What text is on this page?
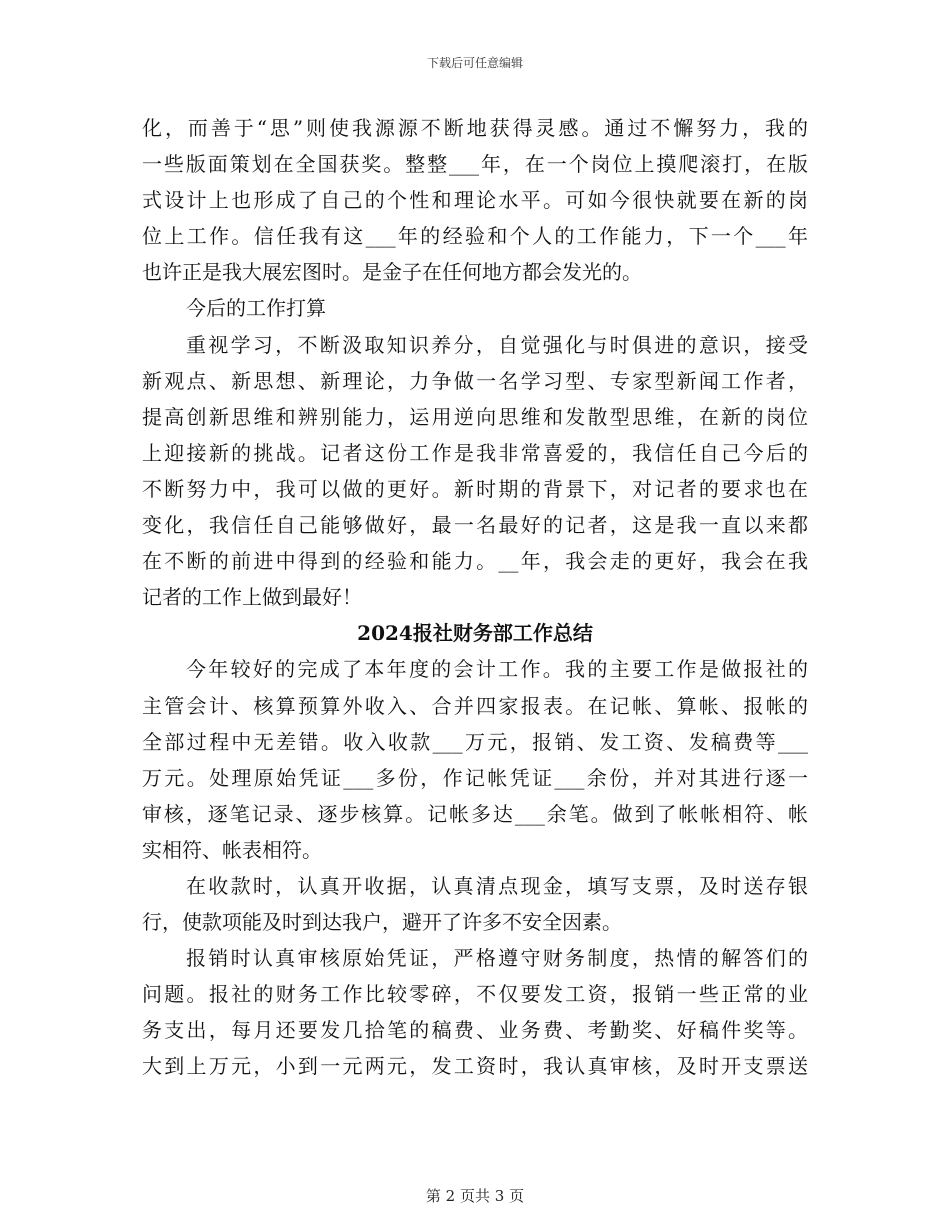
下载后可任意编辑
化，而善于“思”则使我源源不断地获得灵感。通过不懈努力，我的
一些版面策划在全国获奖。整整___年，在一个岗位上摸爬滚打，在版
式设计上也形成了自己的个性和理论水平。可如今很快就要在新的岗
位上工作。信任我有这___年的经验和个人的工作能力，下一个___年
也许正是我大展宏图时。是金子在任何地方都会发光的。
今后的工作打算
重视学习，不断汲取知识养分，自觉强化与时俱进的意识，接受
新观点、新思想、新理论，力争做一名学习型、专家型新闻工作者，
提高创新思维和辨别能力，运用逆向思维和发散型思维，在新的岗位
上迎接新的挑战。记者这份工作是我非常喜爱的，我信任自己今后的
不断努力中，我可以做的更好。新时期的背景下，对记者的要求也在
变化，我信任自己能够做好，最一名最好的记者，这是我一直以来都
在不断的前进中得到的经验和能力。__年，我会走的更好，我会在我
记者的工作上做到最好！
2024报社财务部工作总结
今年较好的完成了本年度的会计工作。我的主要工作是做报社的
主管会计、核算预算外收入、合并四家报表。在记帐、算帐、报帐的
全部过程中无差错。收入收款___万元，报销、发工资、发稿费等___
万元。处理原始凭证___多份，作记帐凭证___余份，并对其进行逐一
审核，逐笔记录、逐步核算。记帐多达___余笔。做到了帐帐相符、帐
实相符、帐表相符。
在收款时，认真开收据，认真清点现金，填写支票，及时送存银
行，使款项能及时到达我户，避开了许多不安全因素。
报销时认真审核原始凭证，严格遵守财务制度，热情的解答们的
问题。报社的财务工作比较零碎，不仅要发工资，报销一些正常的业
务支出，每月还要发几拾笔的稿费、业务费、考勤奖、好稿件奖等。
大到上万元，小到一元两元，发工资时，我认真审核，及时开支票送
第 2 页共 3 页
